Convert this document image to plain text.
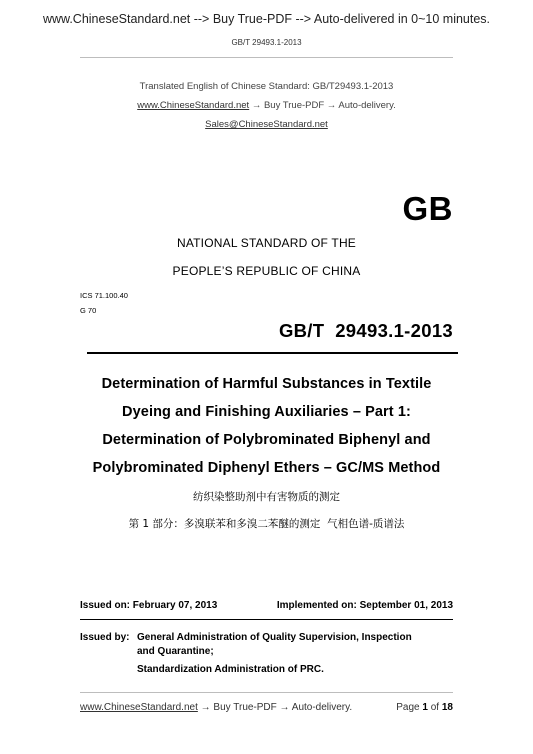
www.ChineseStandard.net --> Buy True-PDF --> Auto-delivered in 0~10 minutes.
GB/T 29493.1-2013
Translated English of Chinese Standard: GB/T29493.1-2013
www.ChineseStandard.net → Buy True-PDF → Auto-delivery.
Sales@ChineseStandard.net
GB
NATIONAL STANDARD OF THE
PEOPLE’S REPUBLIC OF CHINA
ICS 71.100.40
G 70
GB/T  29493.1-2013
Determination of Harmful Substances in Textile
Dyeing and Finishing Auxiliaries – Part 1:
Determination of Polybrominated Biphenyl and
Polybrominated Diphenyl Ethers – GC/MS Method
纺织染整助剂中有害物质的测定
第 1 部分：多溴联苯和多溴二苯醚的测定  气相色谱-质谱法
Issued on: February 07, 2013	Implemented on: September 01, 2013
Issued by: General Administration of Quality Supervision, Inspection
and Quarantine;
Standardization Administration of PRC.
www.ChineseStandard.net → Buy True-PDF → Auto-delivery.	Page 1 of 18
